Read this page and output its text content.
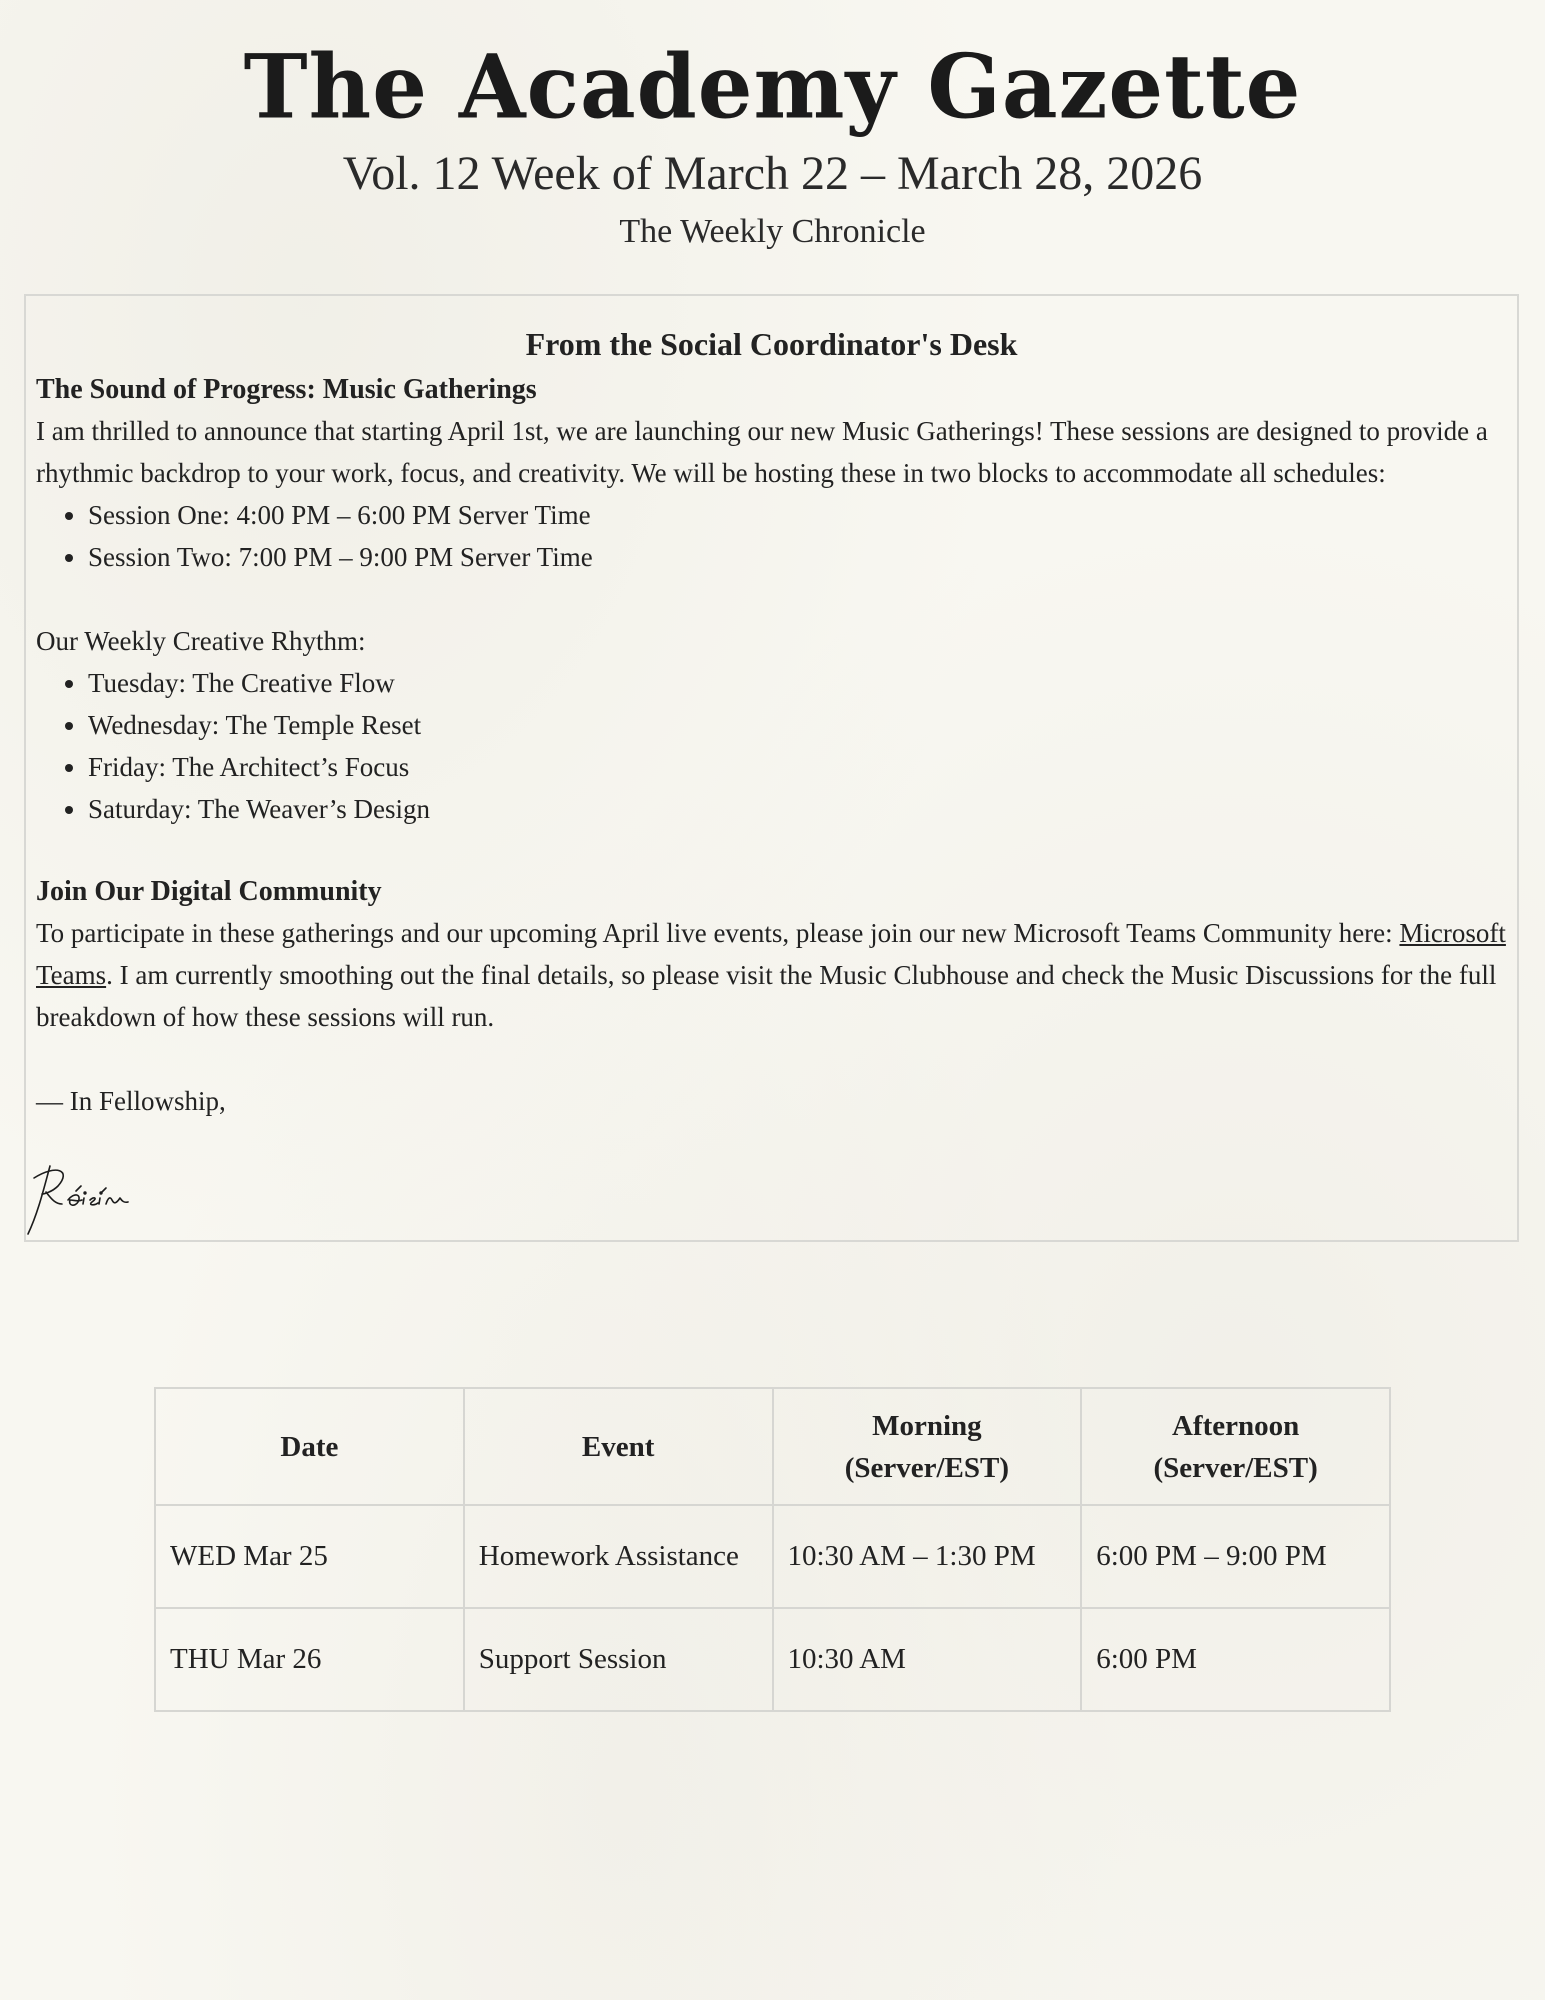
The Academy Gazette
Vol. 12 Week of March 22 – March 28, 2026
The Weekly Chronicle
From the Social Coordinator's Desk
The Sound of Progress: Music Gatherings

I am thrilled to announce that starting April 1st, we are launching our new Music Gatherings! These sessions are designed to provide a rhythmic backdrop to your work, focus, and creativity. We will be hosting these in two blocks to accommodate all schedules:

• Session One: 4:00 PM – 6:00 PM Server Time
• Session Two: 7:00 PM – 9:00 PM Server Time

Our Weekly Creative Rhythm:

• Tuesday: The Creative Flow
• Wednesday: The Temple Reset
• Friday: The Architect’s Focus
• Saturday: The Weaver’s Design
Join Our Digital Community

To participate in these gatherings and our upcoming April live events, please join our new Microsoft Teams Community here: Microsoft Teams. I am currently smoothing out the final details, so please visit the Music Clubhouse and check the Music Discussions for the full breakdown of how these sessions will run.

— In Fellowship,

Date	Event	Morning
(Server/EST)	Afternoon
(Server/EST)
WED Mar 25	Homework Assistance	10:30 AM – 1:30 PM	6:00 PM – 9:00 PM
THU Mar 26	Support Session	10:30 AM	6:00 PM
